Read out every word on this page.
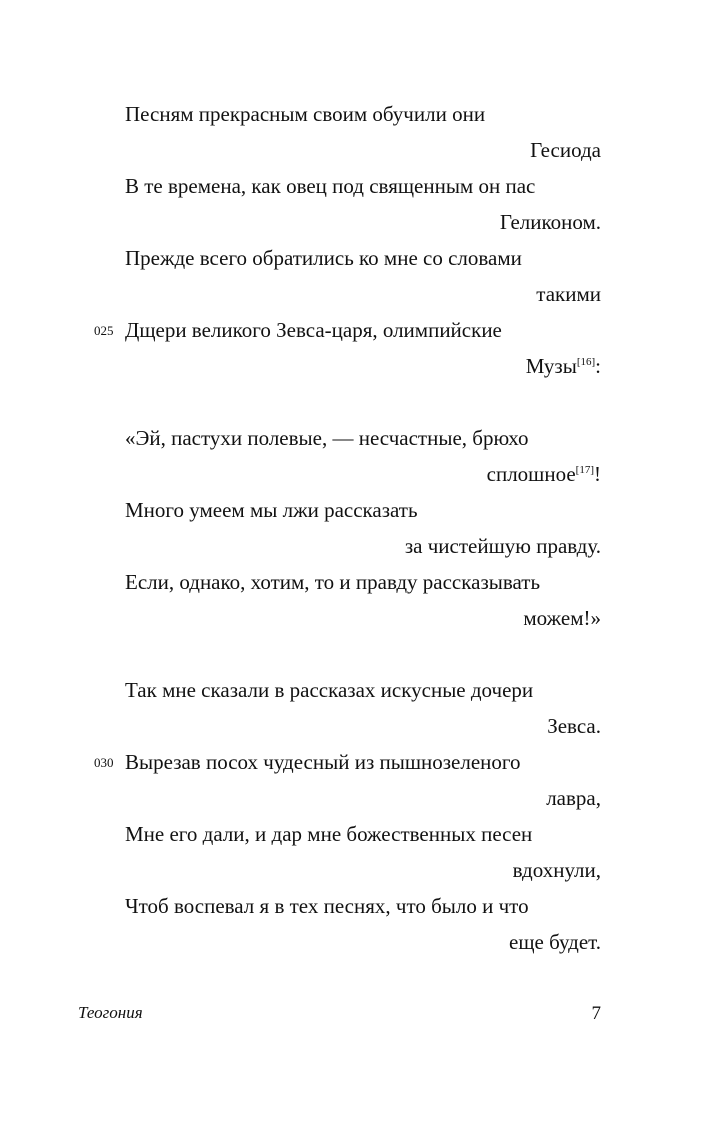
Песням прекрасным своим обучили они
Гесиода
В те времена, как овец под священным он пас
Геликоном.
Прежде всего обратились ко мне со словами
такими
025 Дщери великого Зевса-царя, олимпийские
Музы[16]:
«Эй, пастухи полевые, — несчастные, брюхо
сплошное[17]!
Много умеем мы лжи рассказать
за чистейшую правду.
Если, однако, хотим, то и правду рассказывать
можем!»
Так мне сказали в рассказах искусные дочери
Зевса.
030 Вырезав посох чудесный из пышнозеленого
лавра,
Мне его дали, и дар мне божественных песен
вдохнули,
Чтоб воспевал я в тех песнях, что было и что
еще будет.
Теогония	7
